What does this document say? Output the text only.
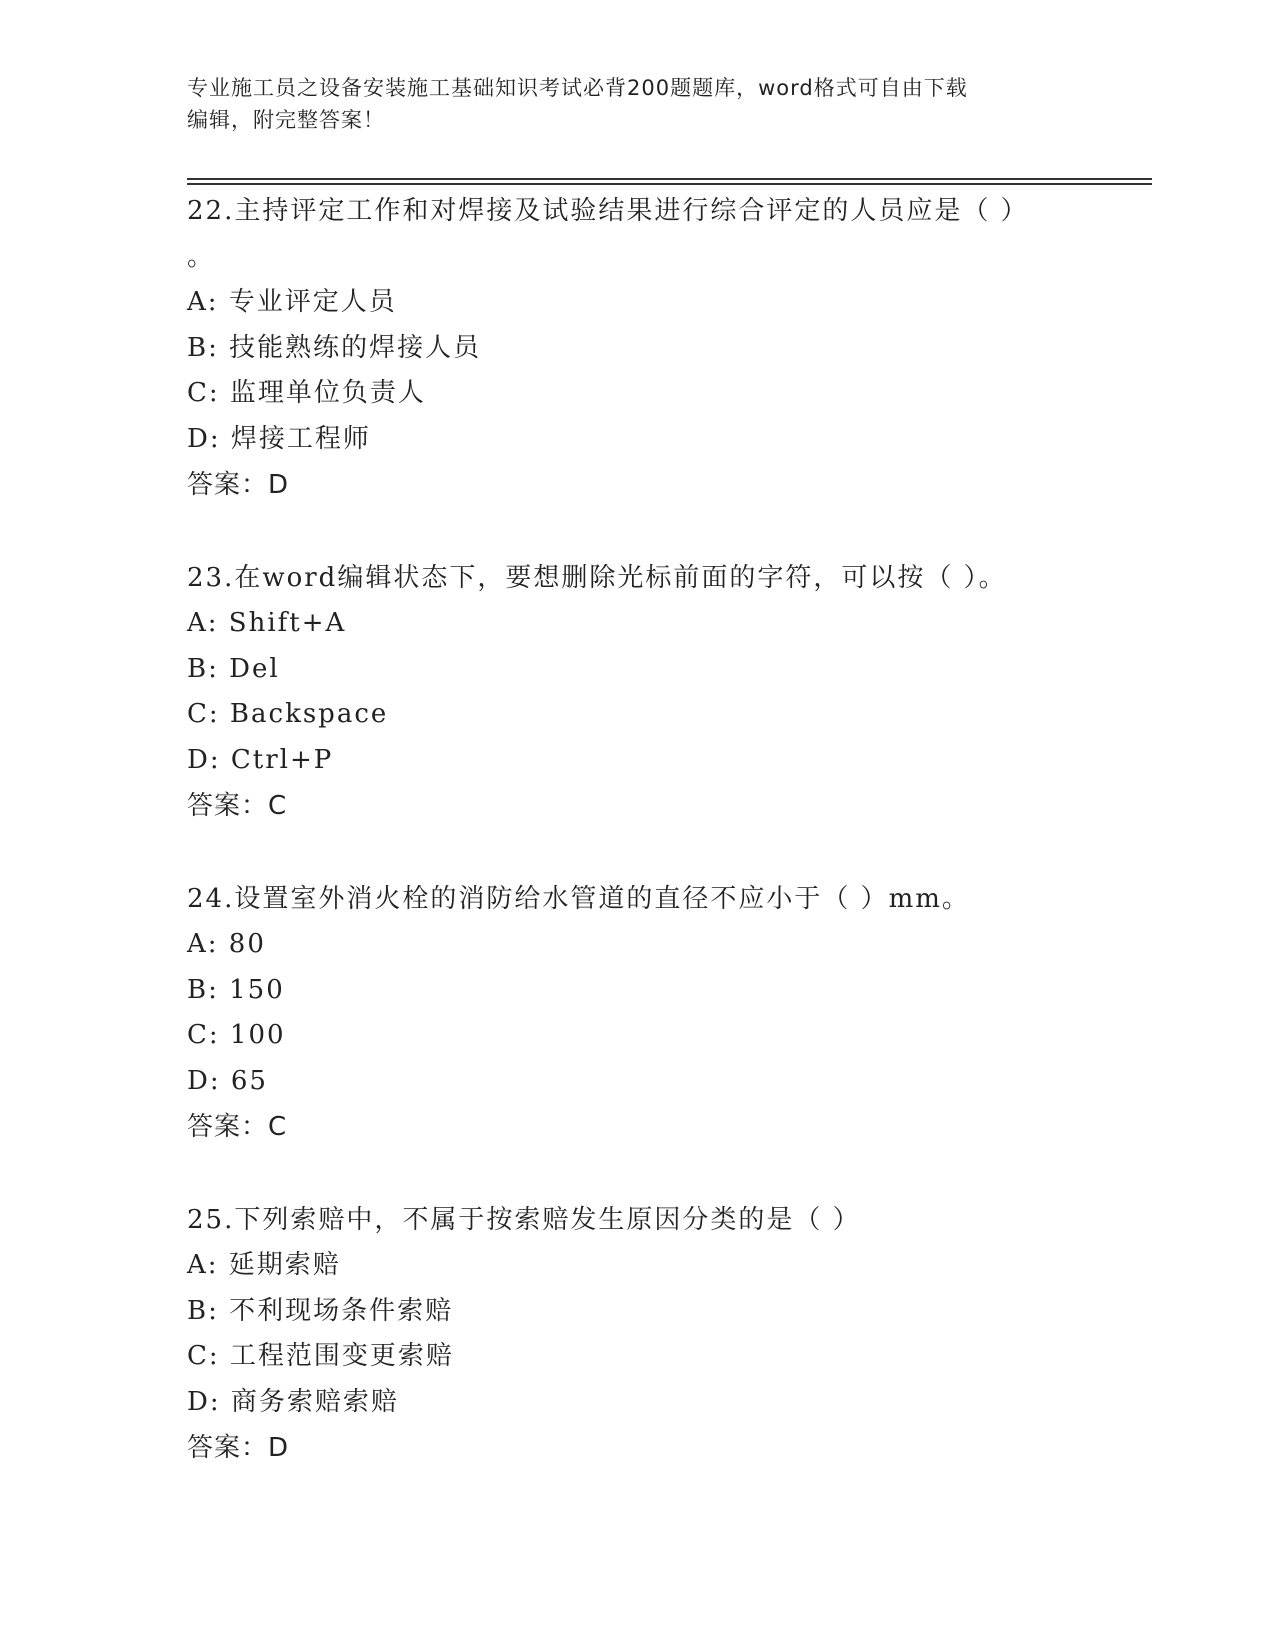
专业施工员之设备安装施工基础知识考试必背200题题库，word格式可自由下载
编辑，附完整答案！

22.主持评定工作和对焊接及试验结果进行综合评定的人员应是（ ）

。

A: 专业评定人员

B: 技能熟练的焊接人员

C: 监理单位负责人

D: 焊接工程师

答案：D

23.在word编辑状态下，要想删除光标前面的字符，可以按（ ）。

A: Shift+A

B: Del

C: Backspace

D: Ctrl+P

答案：C

24.设置室外消火栓的消防给水管道的直径不应小于（ ）mm。

A: 80

B: 150

C: 100

D: 65

答案：C

25.下列索赔中，不属于按索赔发生原因分类的是（ ）

A: 延期索赔

B: 不利现场条件索赔

C: 工程范围变更索赔

D: 商务索赔索赔

答案：D
